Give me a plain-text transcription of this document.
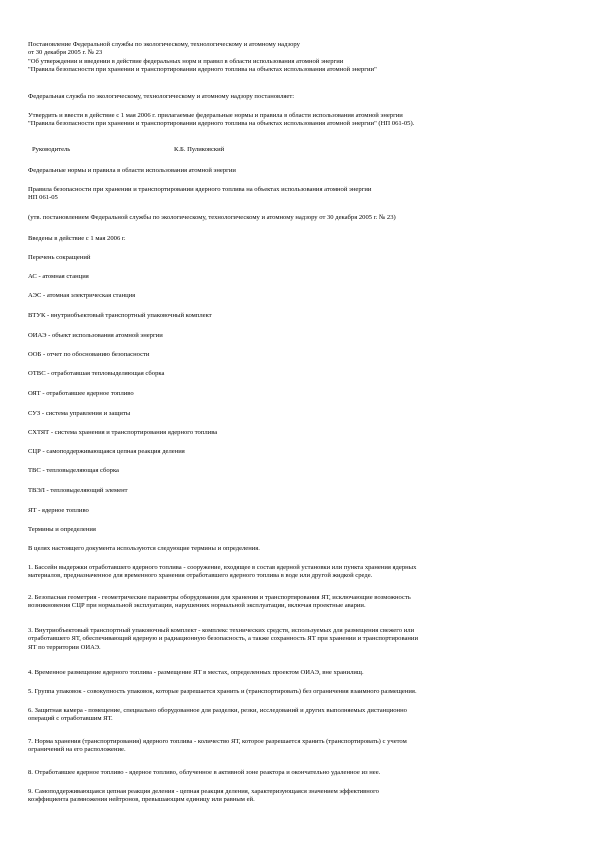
Постановление Федеральной службы по экологическому, технологическому и атомному надзору
от 30 декабря 2005 г. № 23
"Об утверждении и введении в действие федеральных норм и правил в области использования атомной энергии
"Правила безопасности при хранении и транспортировании ядерного топлива на объектах использования атомной энергии"
Федеральная служба по экологическому, технологическому и атомному надзору постановляет:
Утвердить и ввести в действие с 1 мая 2006 г. прилагаемые федеральные нормы и правила в области использования атомной энергии
"Правила безопасности при хранении и транспортировании ядерного топлива на объектах использования атомной энергии" (НП 061-05).
Руководитель	К.Б. Пуликовский
Федеральные нормы и правила в области использования атомной энергии
Правила безопасности при хранении и транспортировании ядерного топлива на объектах использования атомной энергии
НП 061-05
(утв. постановлением Федеральной службы по экологическому, технологическому и атомному надзору от 30 декабря 2005 г. № 23)
Введены в действие с 1 мая 2006 г.
Перечень сокращений
АС - атомная станция
АЭС - атомная электрическая станция
ВТУК - внутриобъектовый транспортный упаковочный комплект
ОИАЭ - объект использования атомной энергии
ООБ - отчет по обоснованию безопасности
ОТВС - отработавшая тепловыделяющая сборка
ОЯТ - отработавшее ядерное топливо
СУЗ - система управления и защиты
СХТЯТ - система хранения и транспортирования ядерного топлива
СЦР - самоподдерживающаяся цепная реакция деления
ТВС - тепловыделяющая сборка
ТВЭЛ - тепловыделяющий элемент
ЯТ - ядерное топливо
Термины и определения
В целях настоящего документа используются следующие термины и определения.
1. Бассейн выдержки отработавшего ядерного топлива - сооружение, входящее в состав ядерной установки или пункта хранения ядерных
материалов, предназначенное для временного хранения отработавшего ядерного топлива в воде или другой жидкой среде.
2. Безопасная геометрия - геометрические параметры оборудования для хранения и транспортирования ЯТ, исключающие возможность
возникновения СЦР при нормальной эксплуатации, нарушениях нормальной эксплуатации, включая проектные аварии.
3. Внутриобъектовый транспортный упаковочный комплект - комплекс технических средств, используемых для размещения свежего или
отработавшего ЯТ, обеспечивающий ядерную и радиационную безопасность, а также сохранность ЯТ при хранении и транспортировании
ЯТ по территории ОИАЭ.
4. Временное размещение ядерного топлива - размещение ЯТ в местах, определенных проектом ОИАЭ, вне хранилищ.
5. Группа упаковок - совокупность упаковок, которые разрешается хранить и (транспортировать) без ограничения взаимного размещения.
6. Защитная камера - помещение, специально оборудованное для разделки, резки, исследований и других выполняемых дистанционно
операций с отработавшим ЯТ.
7. Норма хранения (транспортирования) ядерного топлива - количество ЯТ, которое разрешается хранить (транспортировать) с учетом
ограничений на его расположение.
8. Отработавшее ядерное топливо - ядерное топливо, облученное в активной зоне реактора и окончательно удаленное из нее.
9. Самоподдерживающаяся цепная реакция деления - цепная реакция деления, характеризующаяся значением эффективного
коэффициента размножения нейтронов, превышающим единицу или равным ей.
